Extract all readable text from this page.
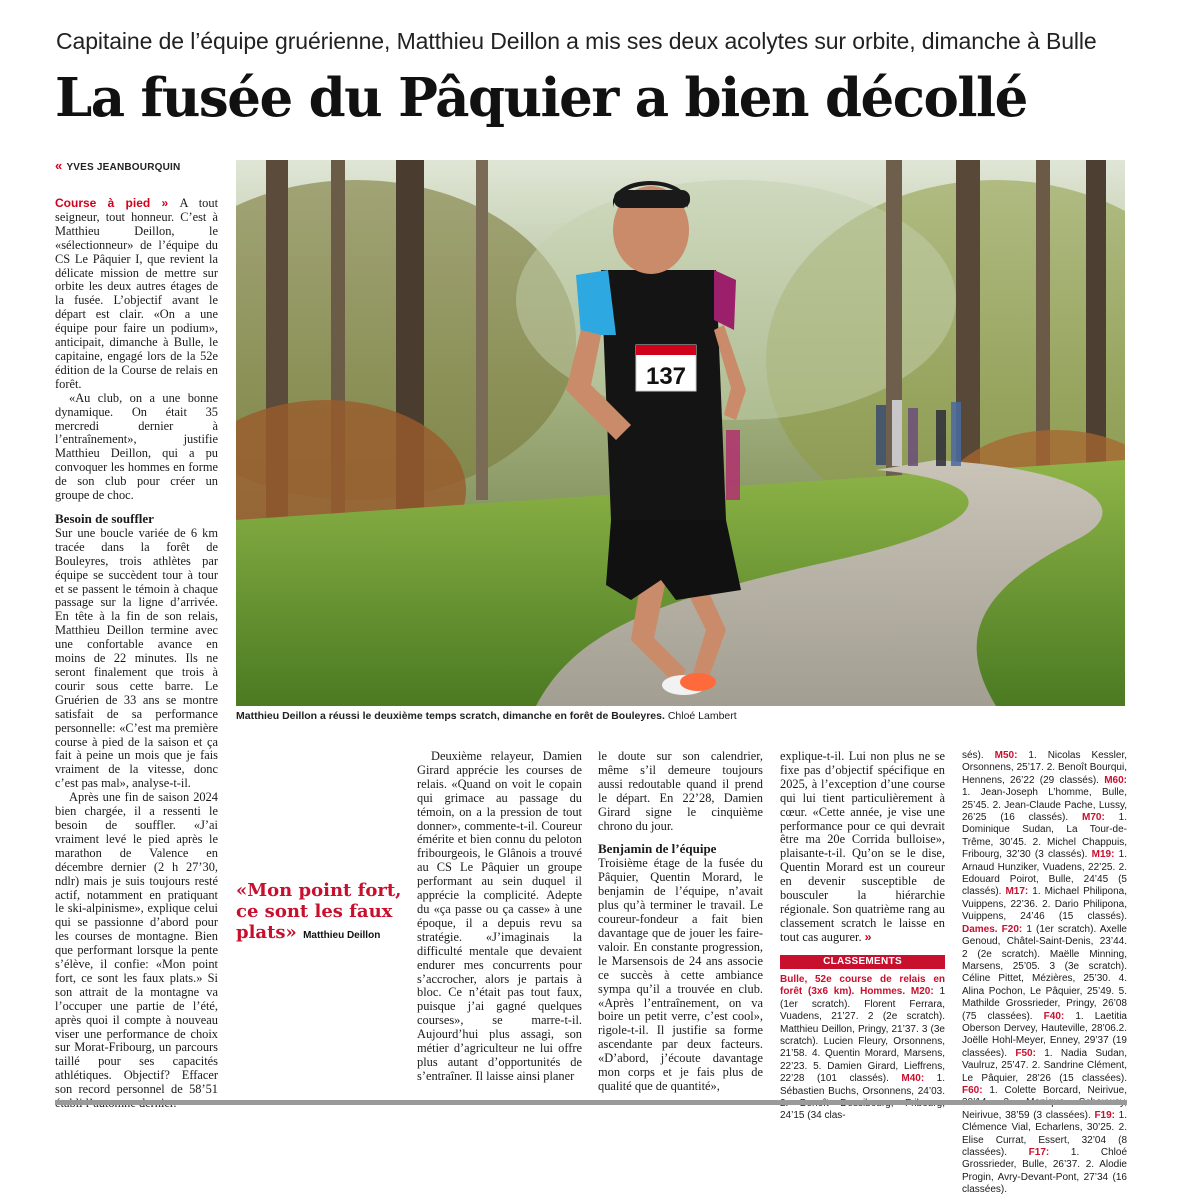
Capitaine de l’équipe gruérienne, Matthieu Deillon a mis ses deux acolytes sur orbite, dimanche à Bulle
La fusée du Pâquier a bien décollé
« YVES JEANBOURQUIN
137
Matthieu Deillon a réussi le deuxième temps scratch, dimanche en forêt de Bouleyres. Chloé Lambert

Course à pied » A tout seigneur, tout honneur. C’est à Matthieu Deillon, le «sélectionneur» de l’équipe du CS Le Pâquier I, que revient la délicate mission de mettre sur orbite les deux autres étages de la fusée. L’objectif avant le départ est clair. «On a une équipe pour faire un podium», anticipait, dimanche à Bulle, le capitaine, engagé lors de la 52e édition de la Course de relais en forêt.

«Au club, on a une bonne dynamique. On était 35 mercredi dernier à l’entraînement», justifie Matthieu Deillon, qui a pu convoquer les hommes en forme de son club pour créer un groupe de choc.

Besoin de souffler

Sur une boucle variée de 6 km tracée dans la forêt de Bouleyres, trois athlètes par équipe se succèdent tour à tour et se passent le témoin à chaque passage sur la ligne d’arrivée. En tête à la fin de son relais, Matthieu Deillon termine avec une confortable avance en moins de 22 minutes. Ils ne seront finalement que trois à courir sous cette barre. Le Gruérien de 33 ans se montre satisfait de sa performance personnelle: «C’est ma première course à pied de la saison et ça fait à peine un mois que je fais vraiment de la vitesse, donc c’est pas mal», analyse-t-il.

Après une fin de saison 2024 bien chargée, il a ressenti le besoin de souffler. «J’ai vraiment levé le pied après le marathon de Valence en décembre dernier (2 h 27’30, ndlr) mais je suis toujours resté actif, notamment en pratiquant le ski-alpinisme», explique celui qui se passionne d’abord pour les courses de montagne. Bien que performant lorsque la pente s’élève, il confie: «Mon point fort, ce sont les faux plats.» Si son attrait de la montagne va l’occuper une partie de l’été, après quoi il compte à nouveau viser une performance de choix sur Morat-Fribourg, un parcours taillé pour ses capacités athlétiques. Objectif? Effacer son record personnel de 58’51

«Mon point fort, ce sont les faux plats» Matthieu Deillon

Deuxième relayeur, Damien Girard apprécie les courses de relais. «Quand on voit le copain qui grimace au passage du témoin, on a la pression de tout donner», commente-t-il. Coureur émérite et bien connu du peloton fribourgeois, le Glânois a trouvé au CS Le Pâquier un groupe performant au sein duquel il apprécie la complicité. Adepte du «ça passe ou ça casse» à une époque, il a depuis revu sa stratégie. «J’imaginais la difficulté mentale que devaient endurer mes concurrents pour s’accrocher, alors je partais à bloc. Ce n’était pas tout faux, puisque j’ai gagné quelques courses», se marre-t-il. Aujourd’hui plus assagi, son métier d’agriculteur ne lui offre plus autant d’opportunités de s’entraîner. Il laisse ainsi planer

le doute sur son calendrier, même s’il demeure toujours aussi redoutable quand il prend le départ. En 22’28, Damien Girard signe le cinquième chrono du jour.

Benjamin de l’équipe

Troisième étage de la fusée du Pâquier, Quentin Morard, le benjamin de l’équipe, n’avait plus qu’à terminer le travail. Le coureur-fondeur a fait bien davantage que de jouer les faire-valoir. En constante progression, le Marsensois de 24 ans associe ce succès à cette ambiance sympa qu’il a trouvée en club. «Après l’entraînement, on va boire un petit verre, c’est cool», rigole-t-il. Il justifie sa forme ascendante par deux facteurs. «D’abord, j’écoute davantage mon corps et je fais plus de qualité que de quantité»,

explique-t-il. Lui non plus ne se fixe pas d’objectif spécifique en 2025, à l’exception d’une course qui lui tient particulièrement à cœur. «Cette année, je vise une performance pour ce qui devrait être ma 20e Corrida bulloise», plaisante-t-il. Qu’on se le dise, Quentin Morard est un coureur en devenir susceptible de bousculer la hiérarchie régionale. Son quatrième rang au classement scratch le laisse en tout cas augurer. »

CLASSEMENTS
Bulle, 52e course de relais en forêt (3x6 km). Hommes. M20: 1 (1er scratch). Florent Ferrara, Vuadens, 21’27. 2 (2e scratch). Matthieu Deillon, Pringy, 21’37. 3 (3e scratch). Lucien Fleury, Orsonnens, 21’58. 4. Quentin Morard, Marsens, 22’23. 5. Damien Girard, Lieffrens, 22’28 (101 classés). M40: 1. Sébastien Buchs, Orsonnens, 24’03. 24’15 (34 clas-
sés). M50: 1. Nicolas Kessler, Orsonnens, 25’17. 2. Benoît Bourqui, Hennens, 26’22 (29 classés). M60: 1. Jean-Joseph L’homme, Bulle, 25’45. 2. Jean-Claude Pache, Lussy, 26’25 (16 classés). M70: 1. Dominique Sudan, La Tour-de-Trême, 30’45. 2. Michel Chappuis, Fribourg, 32’30 (3 classés). M19: 1. Arnaud Hunziker, Vuadens, 22’25. 2. Edouard Poirot, Bulle, 24’45 (5 classés). M17: 1. Michael Philipona, Vuippens, 22’36. 2. Dario Philipona, Vuippens, 24’46 (15 classés). Dames. F20: 1 (1er scratch). Axelle Genoud, Châtel-Saint-Denis, 23’44. 2 (2e scratch). Maëlle Minning, Marsens, 25’05. 3 (3e scratch). Céline Pittet, Mézières, 25’30. 4. Alina Pochon, Le Pâquier, 25’49. 5. Mathilde Grossrieder, Pringy, 26’08 (75 classées). F40: 1. Laetitia Oberson Dervey, Hauteville, 28’06.2. Joëlle Hohl-Meyer, Enney, 29’37 (19 classées). F50: 1. Nadia Sudan, Vaulruz, 25’47. 2. Sandrine Clément, Le Pâquier, 28’26 (15 classées). F60: 1. Colette Borcard, Neirivue, Neirivue, 38’59 (3 classées). F19: 1. Clémence Vial, Echarlens, 30’25. 2. Elise Currat, Essert, 32’04 (8 classées). F17: 1. Chloé Grossrieder, Bulle, 26’37. 2. Alodie Progin, Avry-Devant-Pont, 27’34 (16 classées).
